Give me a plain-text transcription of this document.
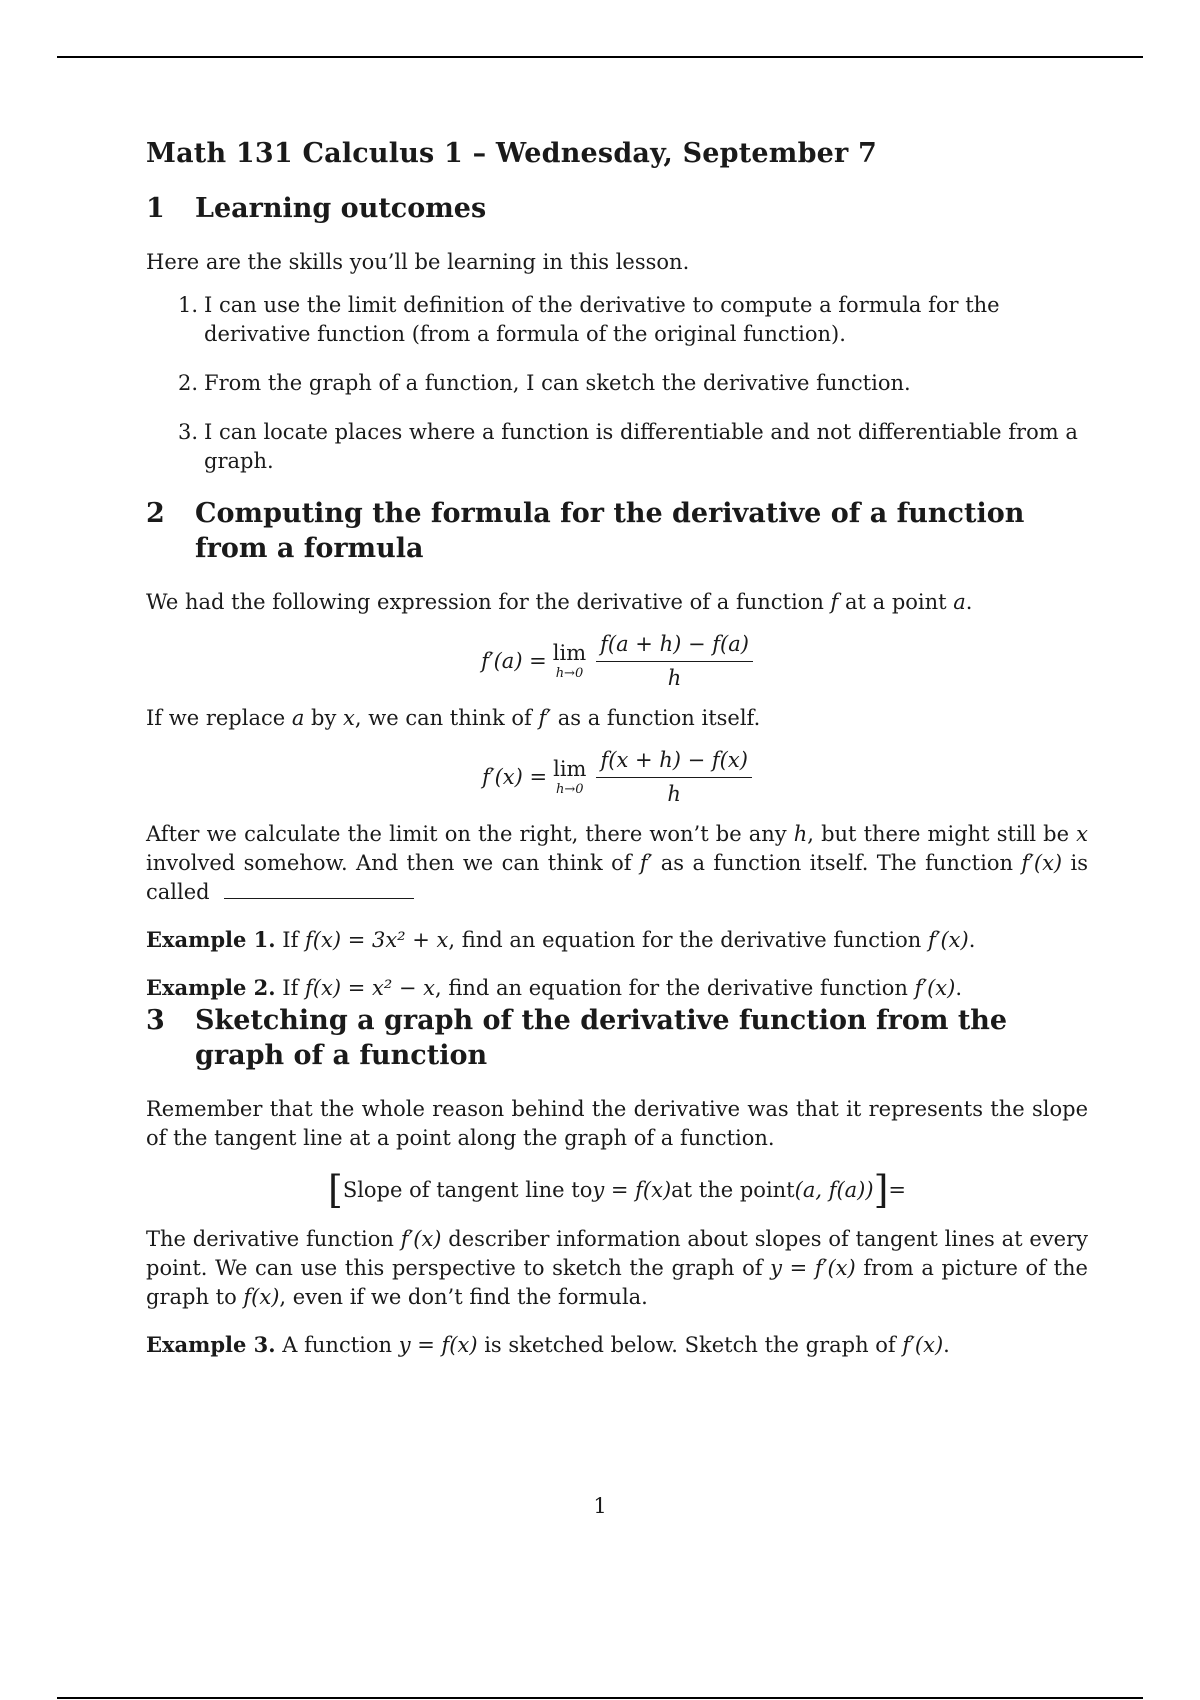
Math 131 Calculus 1 – Wednesday, September 7
1	Learning outcomes

Here are the skills you’ll be learning in this lesson.

1. I can use the limit definition of the derivative to compute a formula for the derivative function (from a formula of the original function).
2. From the graph of a function, I can sketch the derivative function.
3. I can locate places where a function is differentiable and not differentiable from a graph.
2	Computing the formula for the derivative of a function from a formula

We had the following expression for the derivative of a function f at a point a.

f′(a) = lim
$h\to 0 \frac{f(a + h) - f(a)}{h}$

If we replace a by x, we can think of f′ as a function itself.

f′(x) = lim
$h\to 0 \frac{f(x + h) - f(x)}{h}$

After we calculate the limit on the right, there won’t be any h, but there might still be x involved somehow. And then we can think of f′ as a function itself. The function f′(x) is called

Example 1. If f(x) = 3x² + x, find an equation for the derivative function f′(x).

Example 2. If f(x) = x² − x, find an equation for the derivative function f′(x).

3	Sketching a graph of the derivative function from the graph of a function

Remember that the whole reason behind the derivative was that it represents the slope of the tangent line at a point along the graph of a function.

[ Slope of tangent line to y = f(x) at the point (a, f(a)) ] =

The derivative function f′(x) describer information about slopes of tangent lines at every point. We can use this perspective to sketch the graph of y = f′(x) from a picture of the graph to f(x), even if we don’t find the formula.

Example 3. A function y = f(x) is sketched below. Sketch the graph of f′(x).

1
